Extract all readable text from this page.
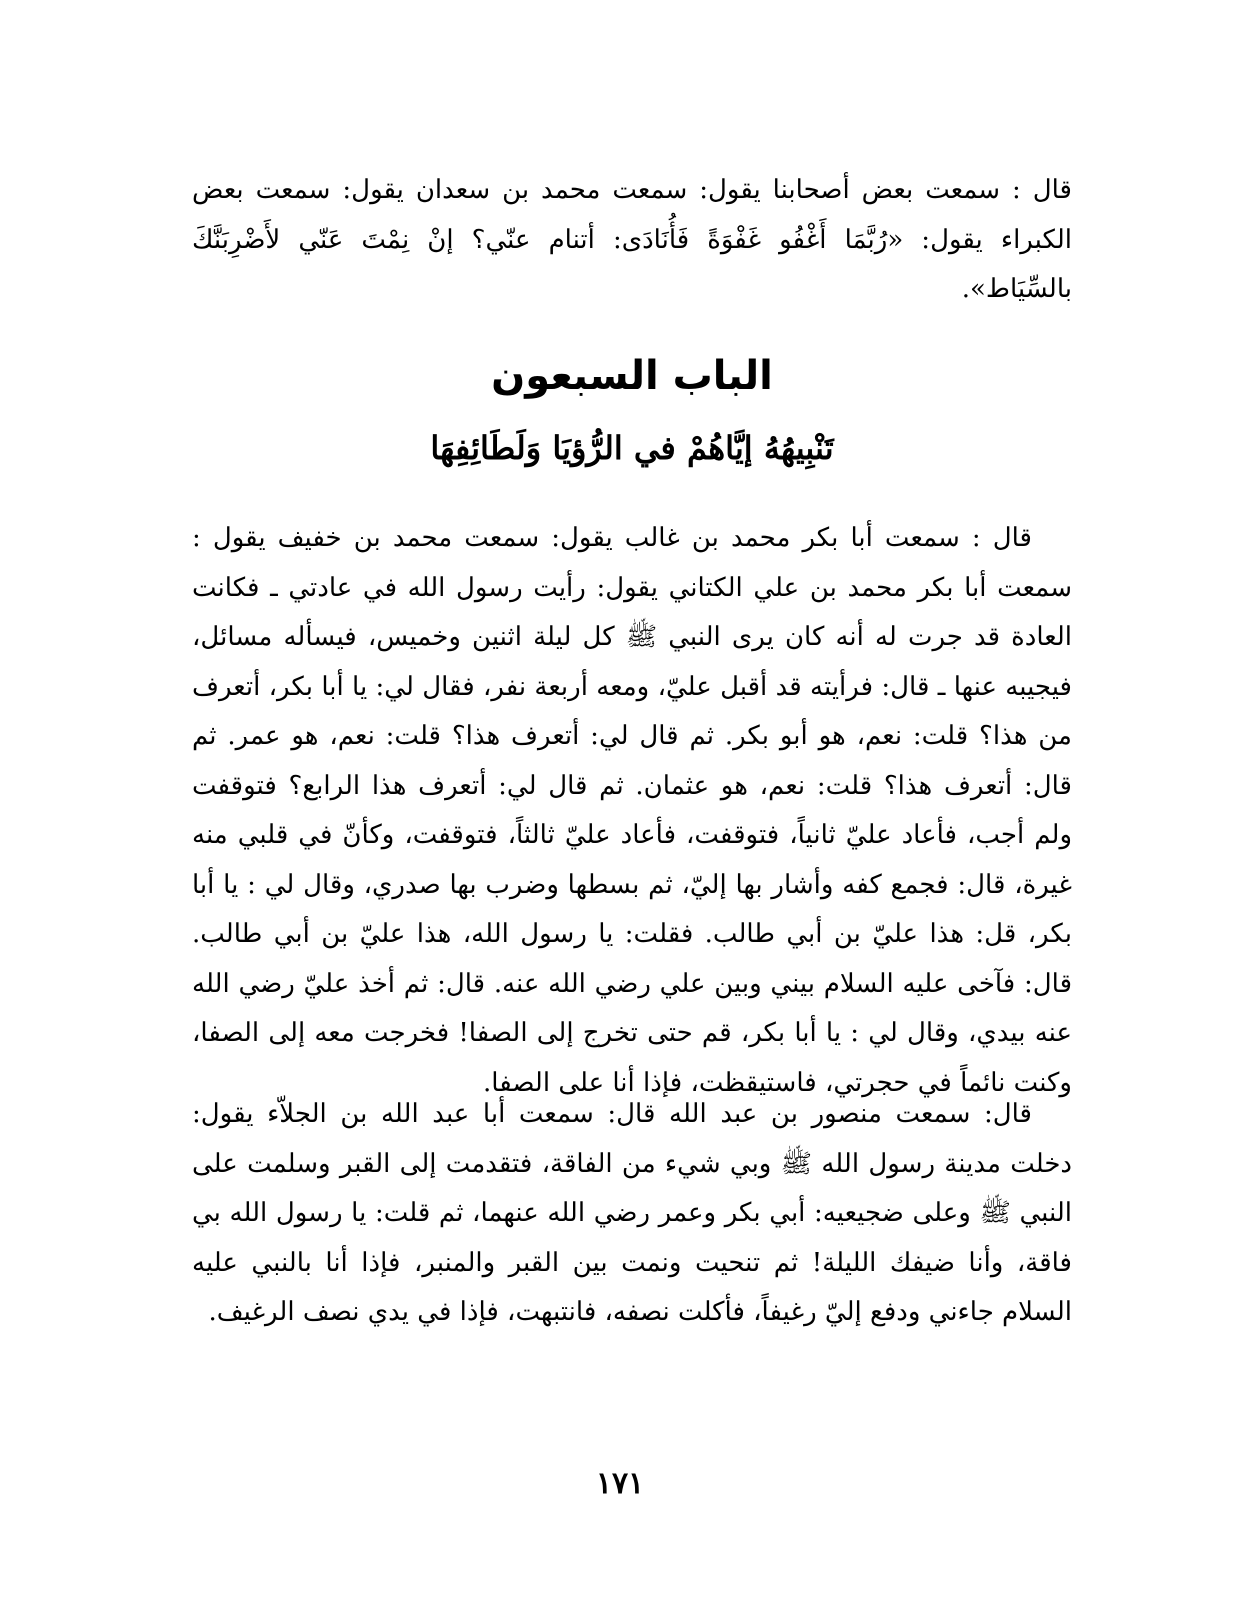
قال : سمعت بعض أصحابنا يقول: سمعت محمد بن سعدان يقول: سمعت بعض الكبراء يقول: «رُبَّمَا أَغْفُو غَفْوَةً فَأُنَادَى: أتنام عنّي؟ إنْ نِمْتَ عَنّي لأَضْرِبَنَّكَ بالسِّيَاط».

الباب السبعون
تَنْبِيهُهُ إيَّاهُمْ في الرُّؤيَا وَلَطَائِفِهَا

قال : سمعت أبا بكر محمد بن غالب يقول: سمعت محمد بن خفيف يقول : سمعت أبا بكر محمد بن علي الكتاني يقول: رأيت رسول الله في عادتي ـ فكانت العادة قد جرت له أنه كان يرى النبي ﷺ كل ليلة اثنين وخميس، فيسأله مسائل، فيجيبه عنها ـ قال: فرأيته قد أقبل عليّ، ومعه أربعة نفر، فقال لي: يا أبا بكر، أتعرف من هذا؟ قلت: نعم، هو أبو بكر. ثم قال لي: أتعرف هذا؟ قلت: نعم، هو عمر. ثم قال: أتعرف هذا؟ قلت: نعم، هو عثمان. ثم قال لي: أتعرف هذا الرابع؟ فتوقفت ولم أجب، فأعاد عليّ ثانياً، فتوقفت، فأعاد عليّ ثالثاً، فتوقفت، وكأنّ في قلبي منه غيرة، قال: فجمع كفه وأشار بها إليّ، ثم بسطها وضرب بها صدري، وقال لي : يا أبا بكر، قل: هذا عليّ بن أبي طالب. فقلت: يا رسول الله، هذا عليّ بن أبي طالب. قال: فآخى عليه السلام بيني وبين علي رضي الله عنه. قال: ثم أخذ عليّ رضي الله عنه بيدي، وقال لي : يا أبا بكر، قم حتى تخرج إلى الصفا! فخرجت معه إلى الصفا، وكنت نائماً في حجرتي، فاستيقظت، فإذا أنا على الصفا.

قال: سمعت منصور بن عبد الله قال: سمعت أبا عبد الله بن الجلاّء يقول: دخلت مدينة رسول الله ﷺ وبي شيء من الفاقة، فتقدمت إلى القبر وسلمت على النبي ﷺ وعلى ضجيعيه: أبي بكر وعمر رضي الله عنهما، ثم قلت: يا رسول الله بي فاقة، وأنا ضيفك الليلة! ثم تنحيت ونمت بين القبر والمنبر، فإذا أنا بالنبي عليه السلام جاءني ودفع إليّ رغيفاً، فأكلت نصفه، فانتبهت، فإذا في يدي نصف الرغيف.

١٧١
